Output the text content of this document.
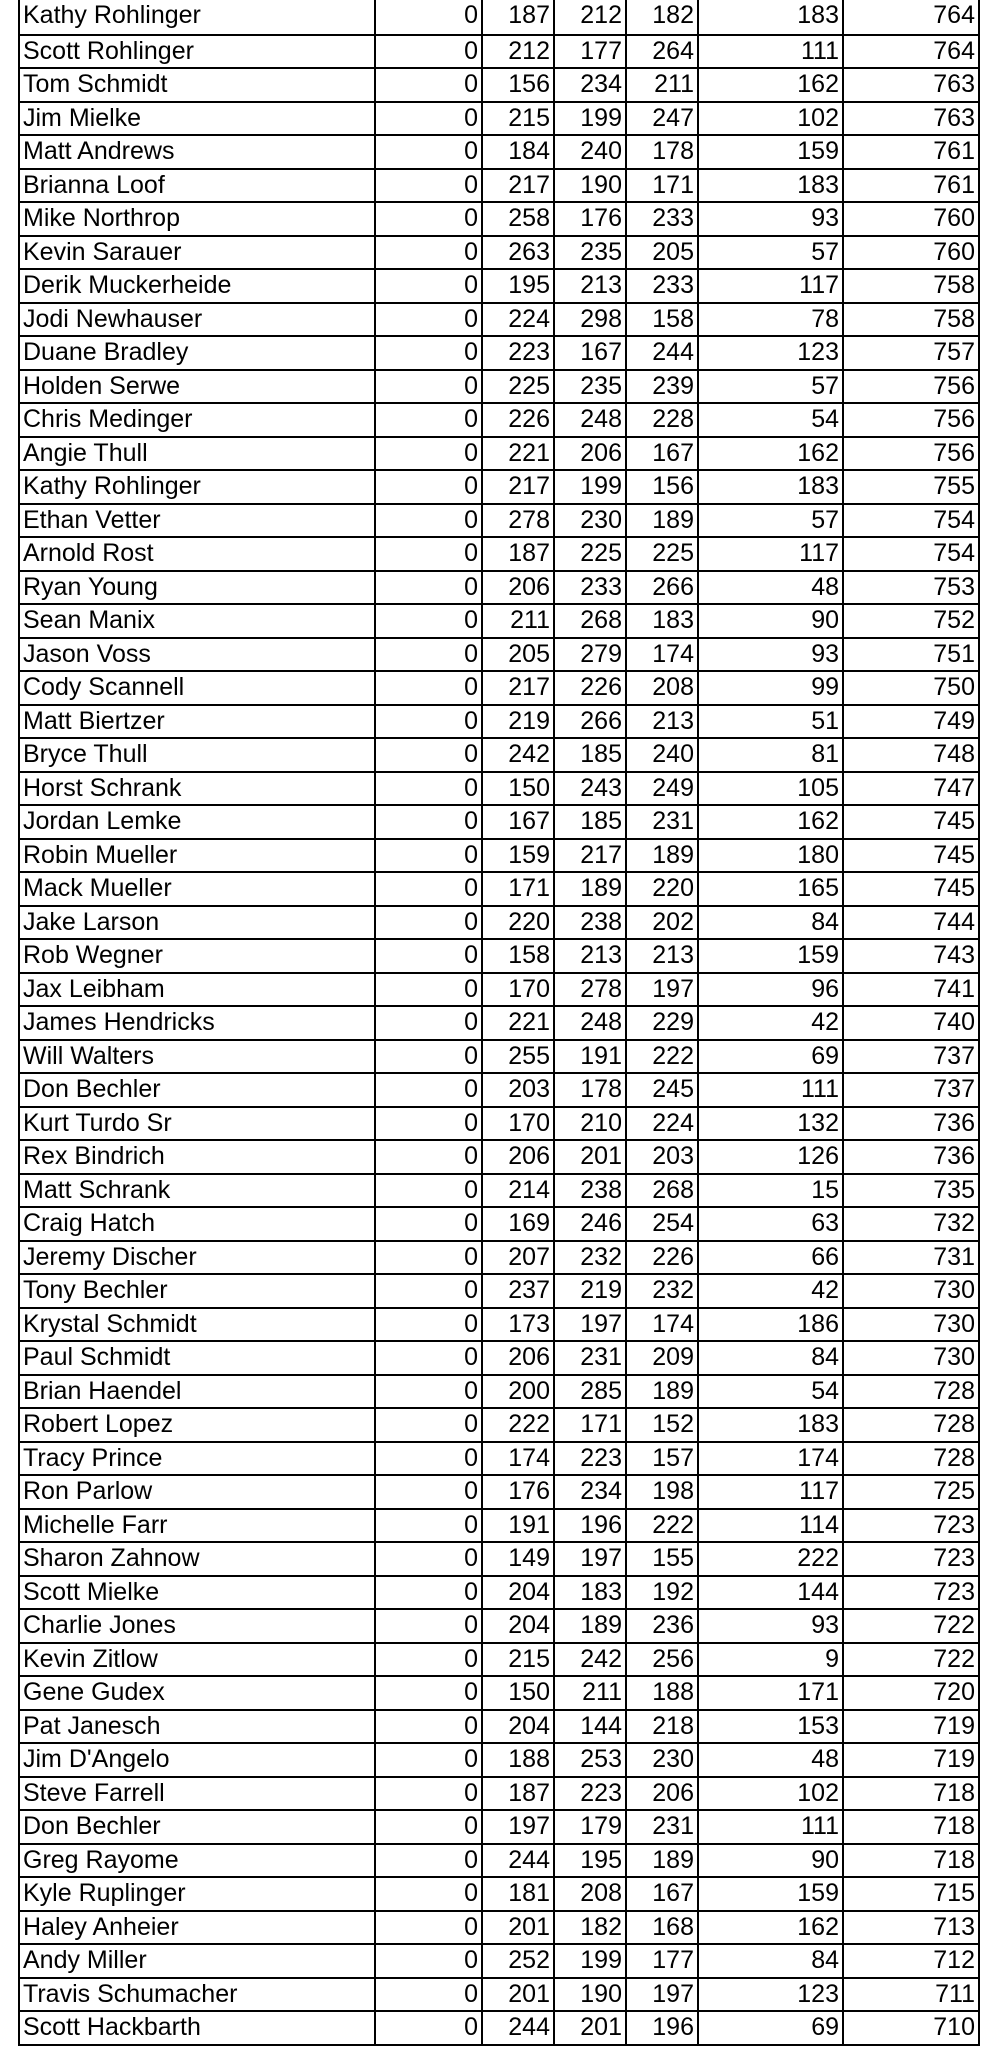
Kathy Rohlinger	0	187	212	182	183	764
Scott Rohlinger	0	212	177	264	111	764
Tom Schmidt	0	156	234	211	162	763
Jim Mielke	0	215	199	247	102	763
Matt Andrews	0	184	240	178	159	761
Brianna Loof	0	217	190	171	183	761
Mike Northrop	0	258	176	233	93	760
Kevin Sarauer	0	263	235	205	57	760
Derik Muckerheide	0	195	213	233	117	758
Jodi Newhauser	0	224	298	158	78	758
Duane Bradley	0	223	167	244	123	757
Holden Serwe	0	225	235	239	57	756
Chris Medinger	0	226	248	228	54	756
Angie Thull	0	221	206	167	162	756
Kathy Rohlinger	0	217	199	156	183	755
Ethan Vetter	0	278	230	189	57	754
Arnold Rost	0	187	225	225	117	754
Ryan Young	0	206	233	266	48	753
Sean Manix	0	211	268	183	90	752
Jason Voss	0	205	279	174	93	751
Cody Scannell	0	217	226	208	99	750
Matt Biertzer	0	219	266	213	51	749
Bryce Thull	0	242	185	240	81	748
Horst Schrank	0	150	243	249	105	747
Jordan Lemke	0	167	185	231	162	745
Robin Mueller	0	159	217	189	180	745
Mack Mueller	0	171	189	220	165	745
Jake Larson	0	220	238	202	84	744
Rob Wegner	0	158	213	213	159	743
Jax Leibham	0	170	278	197	96	741
James Hendricks	0	221	248	229	42	740
Will Walters	0	255	191	222	69	737
Don Bechler	0	203	178	245	111	737
Kurt Turdo Sr	0	170	210	224	132	736
Rex Bindrich	0	206	201	203	126	736
Matt Schrank	0	214	238	268	15	735
Craig Hatch	0	169	246	254	63	732
Jeremy Discher	0	207	232	226	66	731
Tony Bechler	0	237	219	232	42	730
Krystal Schmidt	0	173	197	174	186	730
Paul Schmidt	0	206	231	209	84	730
Brian Haendel	0	200	285	189	54	728
Robert Lopez	0	222	171	152	183	728
Tracy Prince	0	174	223	157	174	728
Ron Parlow	0	176	234	198	117	725
Michelle Farr	0	191	196	222	114	723
Sharon Zahnow	0	149	197	155	222	723
Scott Mielke	0	204	183	192	144	723
Charlie Jones	0	204	189	236	93	722
Kevin Zitlow	0	215	242	256	9	722
Gene Gudex	0	150	211	188	171	720
Pat Janesch	0	204	144	218	153	719
Jim D'Angelo	0	188	253	230	48	719
Steve Farrell	0	187	223	206	102	718
Don Bechler	0	197	179	231	111	718
Greg Rayome	0	244	195	189	90	718
Kyle Ruplinger	0	181	208	167	159	715
Haley Anheier	0	201	182	168	162	713
Andy Miller	0	252	199	177	84	712
Travis Schumacher	0	201	190	197	123	711
Scott Hackbarth	0	244	201	196	69	710
